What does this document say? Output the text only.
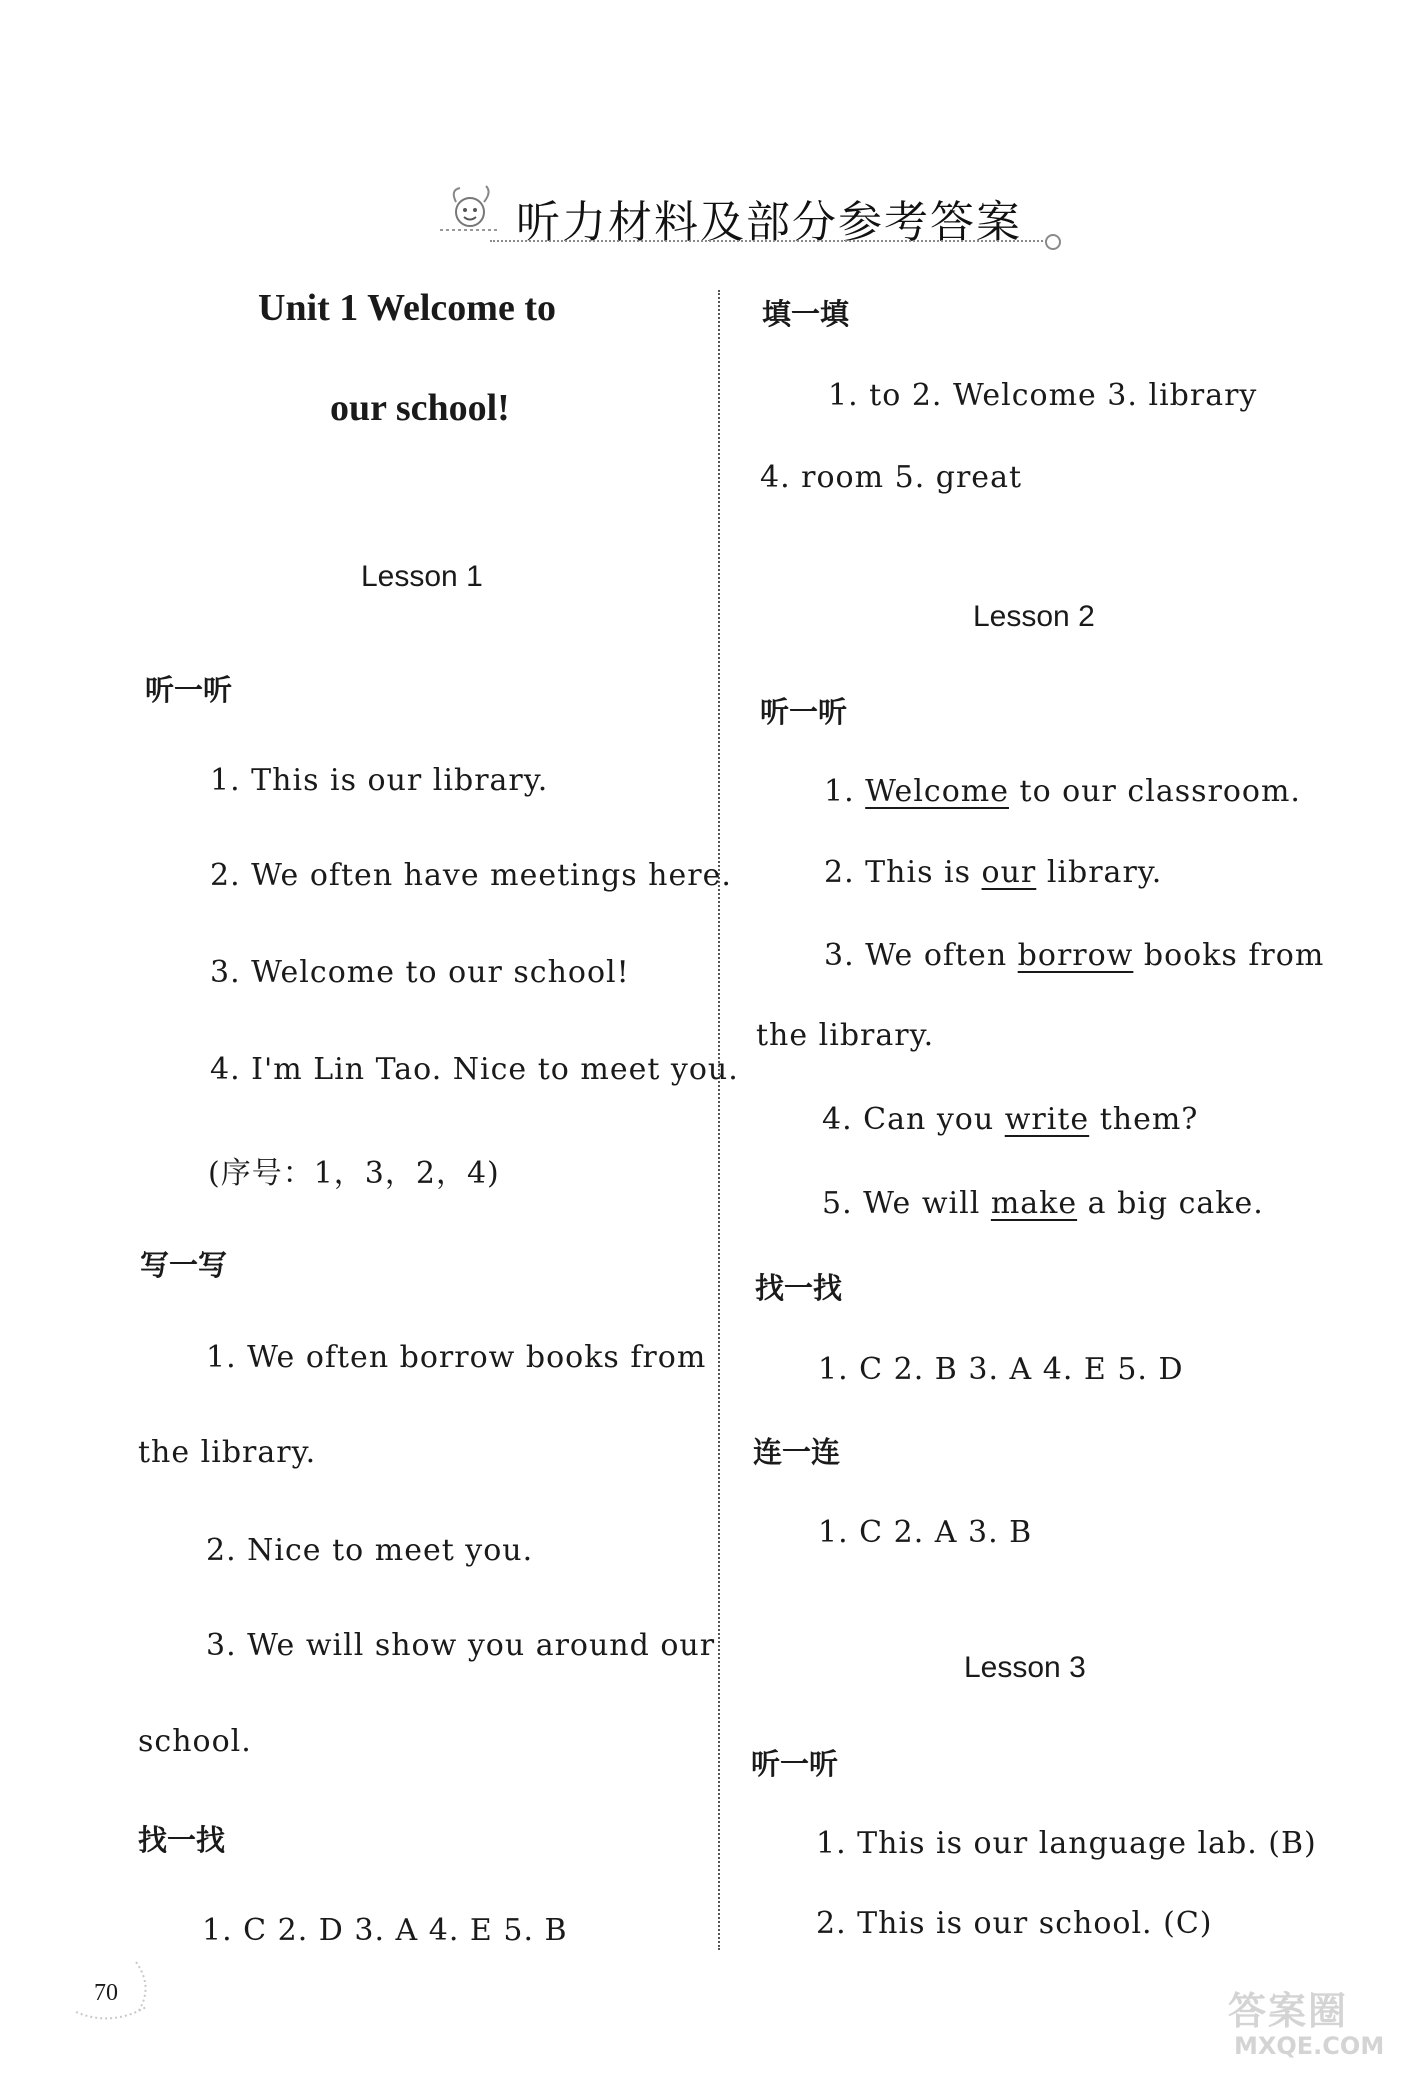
听力材料及部分参考答案
Unit 1 Welcome to
our school!
Lesson 1
听一听
1. This is our library.
2. We often have meetings here.
3. Welcome to our school!
4. I'm Lin Tao. Nice to meet you.
(序号：1，3，2，4)
写一写
1. We often borrow books from
the library.
2. Nice to meet you.
3. We will show you around our
school.
找一找
1. C 2. D 3. A 4. E 5. B
填一填
1. to 2. Welcome 3. library
4. room 5. great
Lesson 2
听一听
1. Welcome to our classroom.
2. This is our library.
3. We often borrow books from
the library.
4. Can you write them?
5. We will make a big cake.
找一找
1. C 2. B 3. A 4. E 5. D
连一连
1. C 2. A 3. B
Lesson 3
听一听
1. This is our language lab. (B)
2. This is our school. (C)
70	答案圈
MXQE.COM
